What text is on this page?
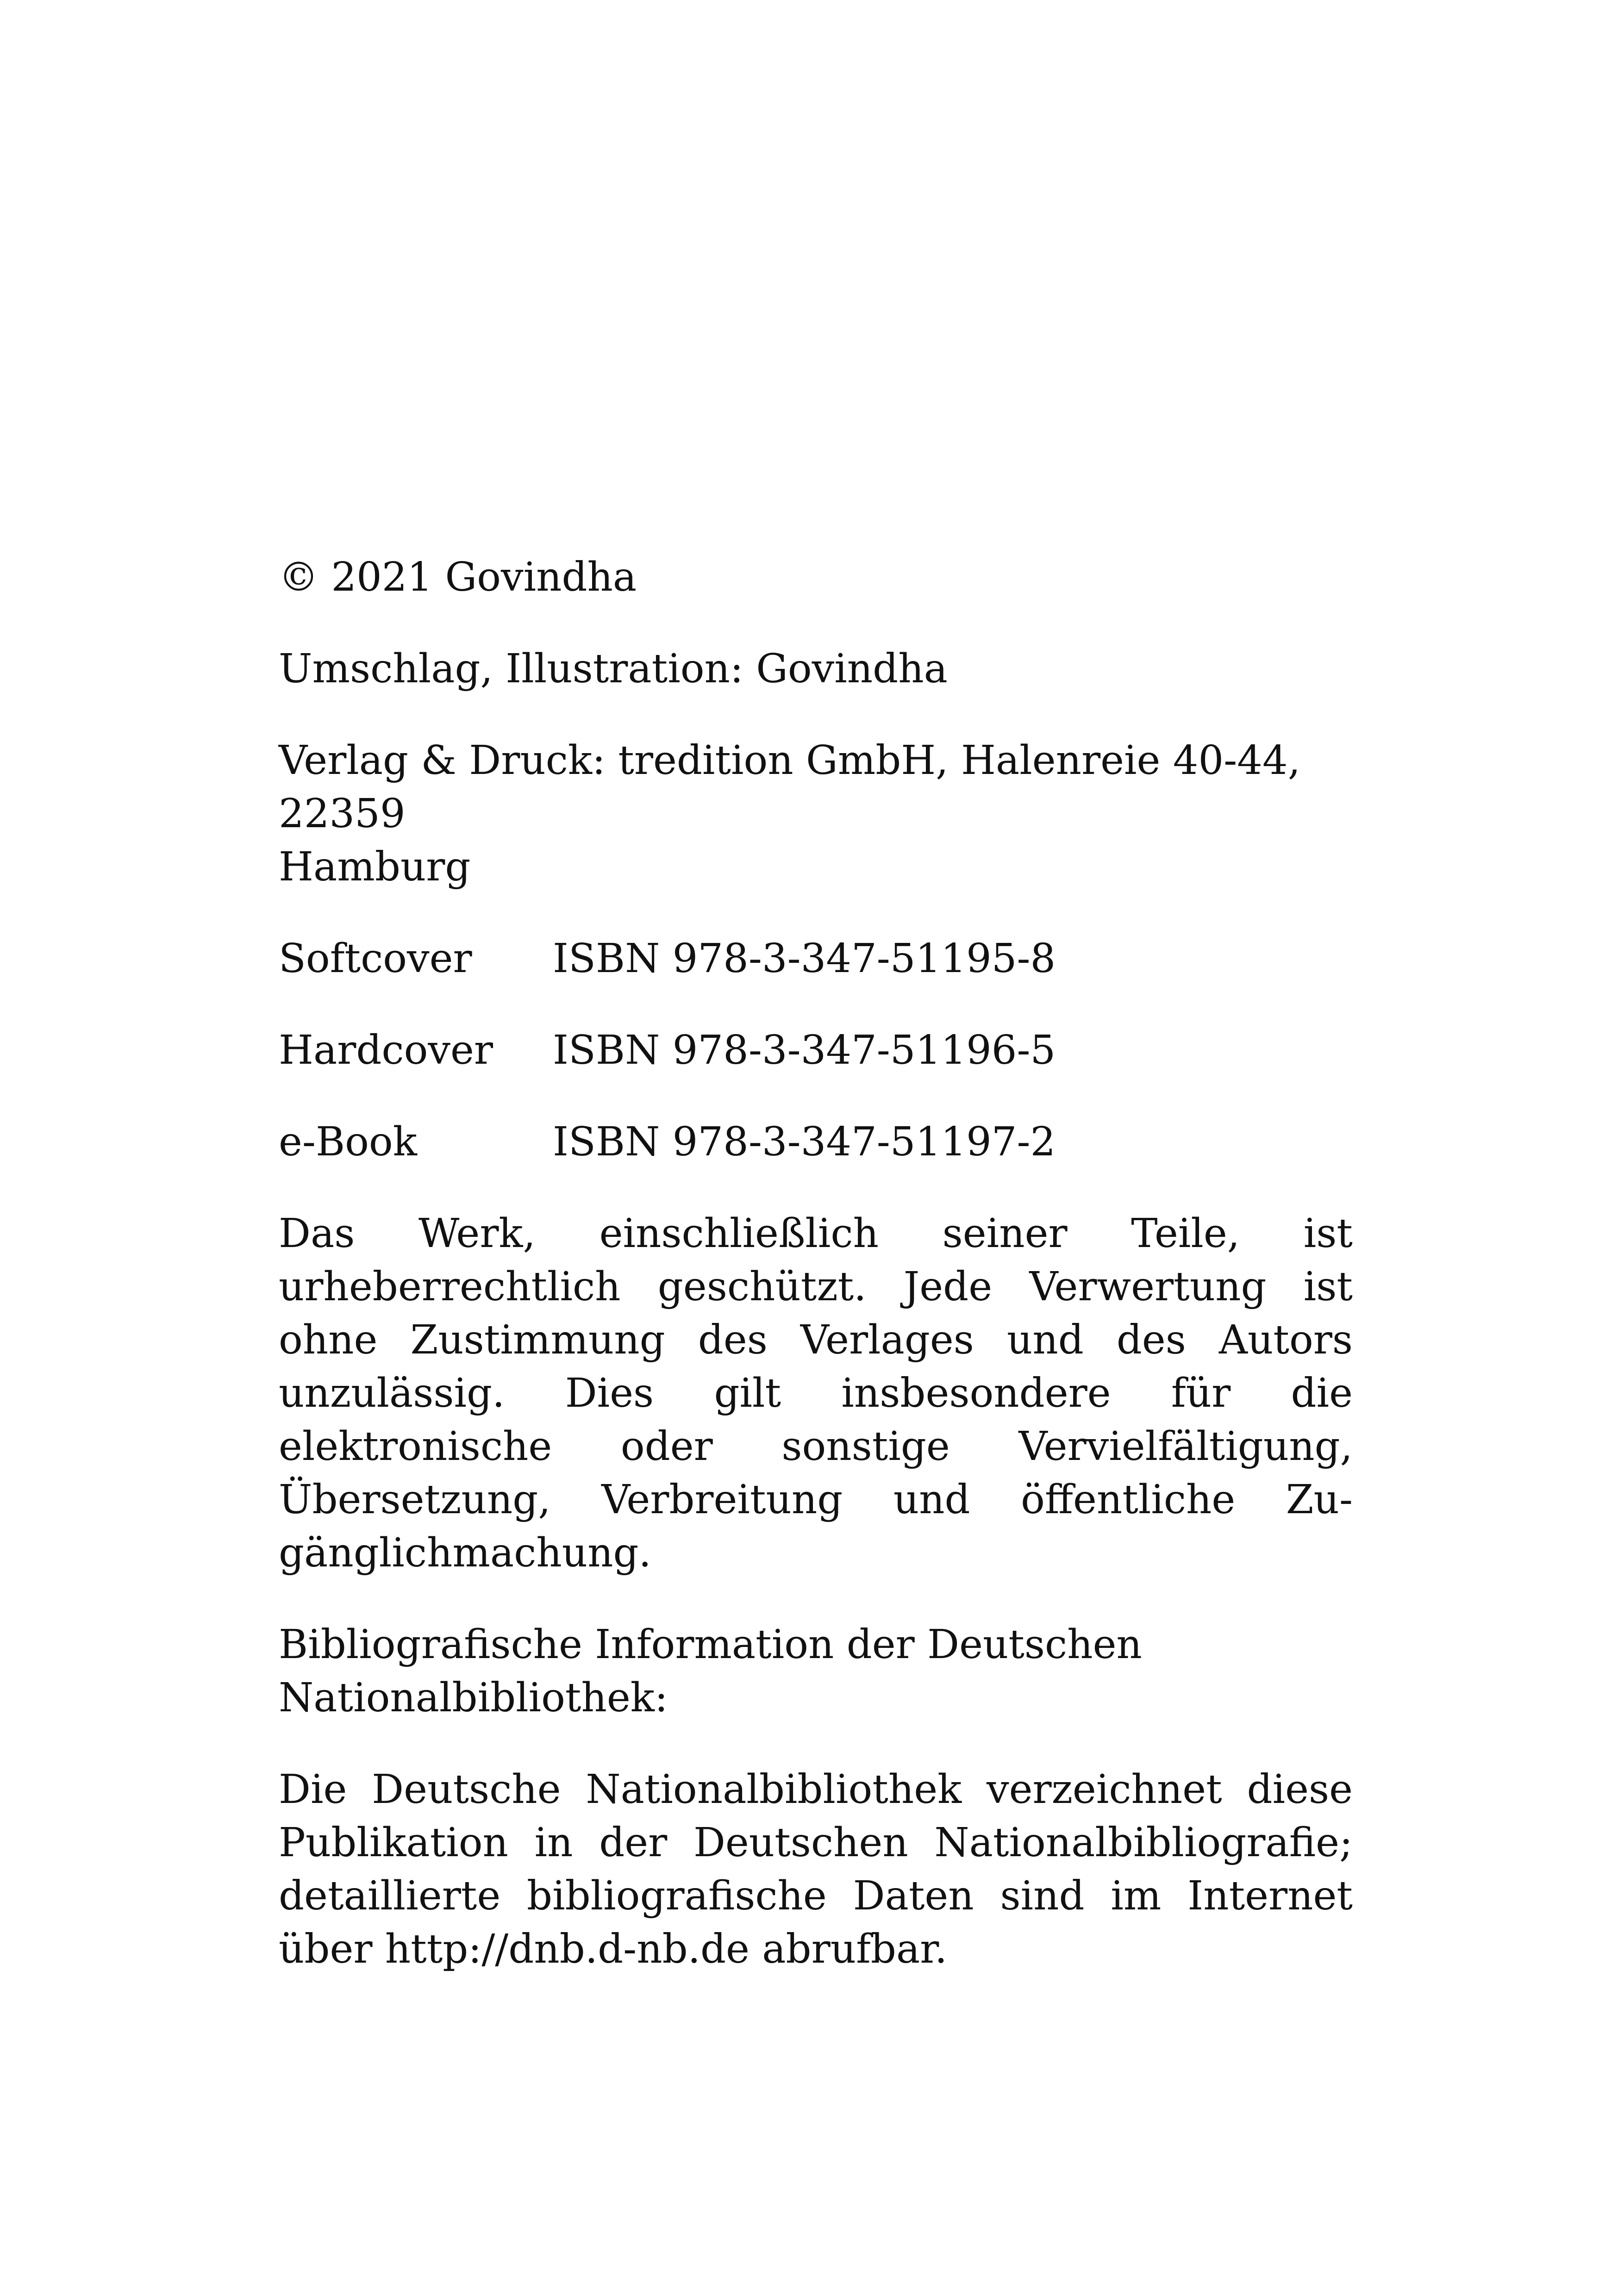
© 2021 Govindha

Umschlag, Illustration: Govindha

Verlag & Druck: tredition GmbH, Halenreie 40-44, 22359
Hamburg

Softcover	ISBN 978-3-347-51195-8
Hardcover	ISBN 978-3-347-51196-5
e-Book	ISBN 978-3-347-51197-2

Das Werk, einschließlich seiner Teile, ist urheberrechtlich geschützt. Jede Verwertung ist ohne Zustimmung des Verlages und des Autors unzulässig. Dies gilt insbesondere für die elektronische oder sonstige Vervielfältigung, Übersetzung, Verbreitung und öffentliche Zugänglichmachung.

Bibliografische Information der Deutschen Nationalbibliothek:

Die Deutsche Nationalbibliothek verzeichnet diese Publikation in der Deutschen Nationalbibliografie; detaillierte bibliografische Daten sind im Internet über http://dnb.d-nb.de abrufbar.
